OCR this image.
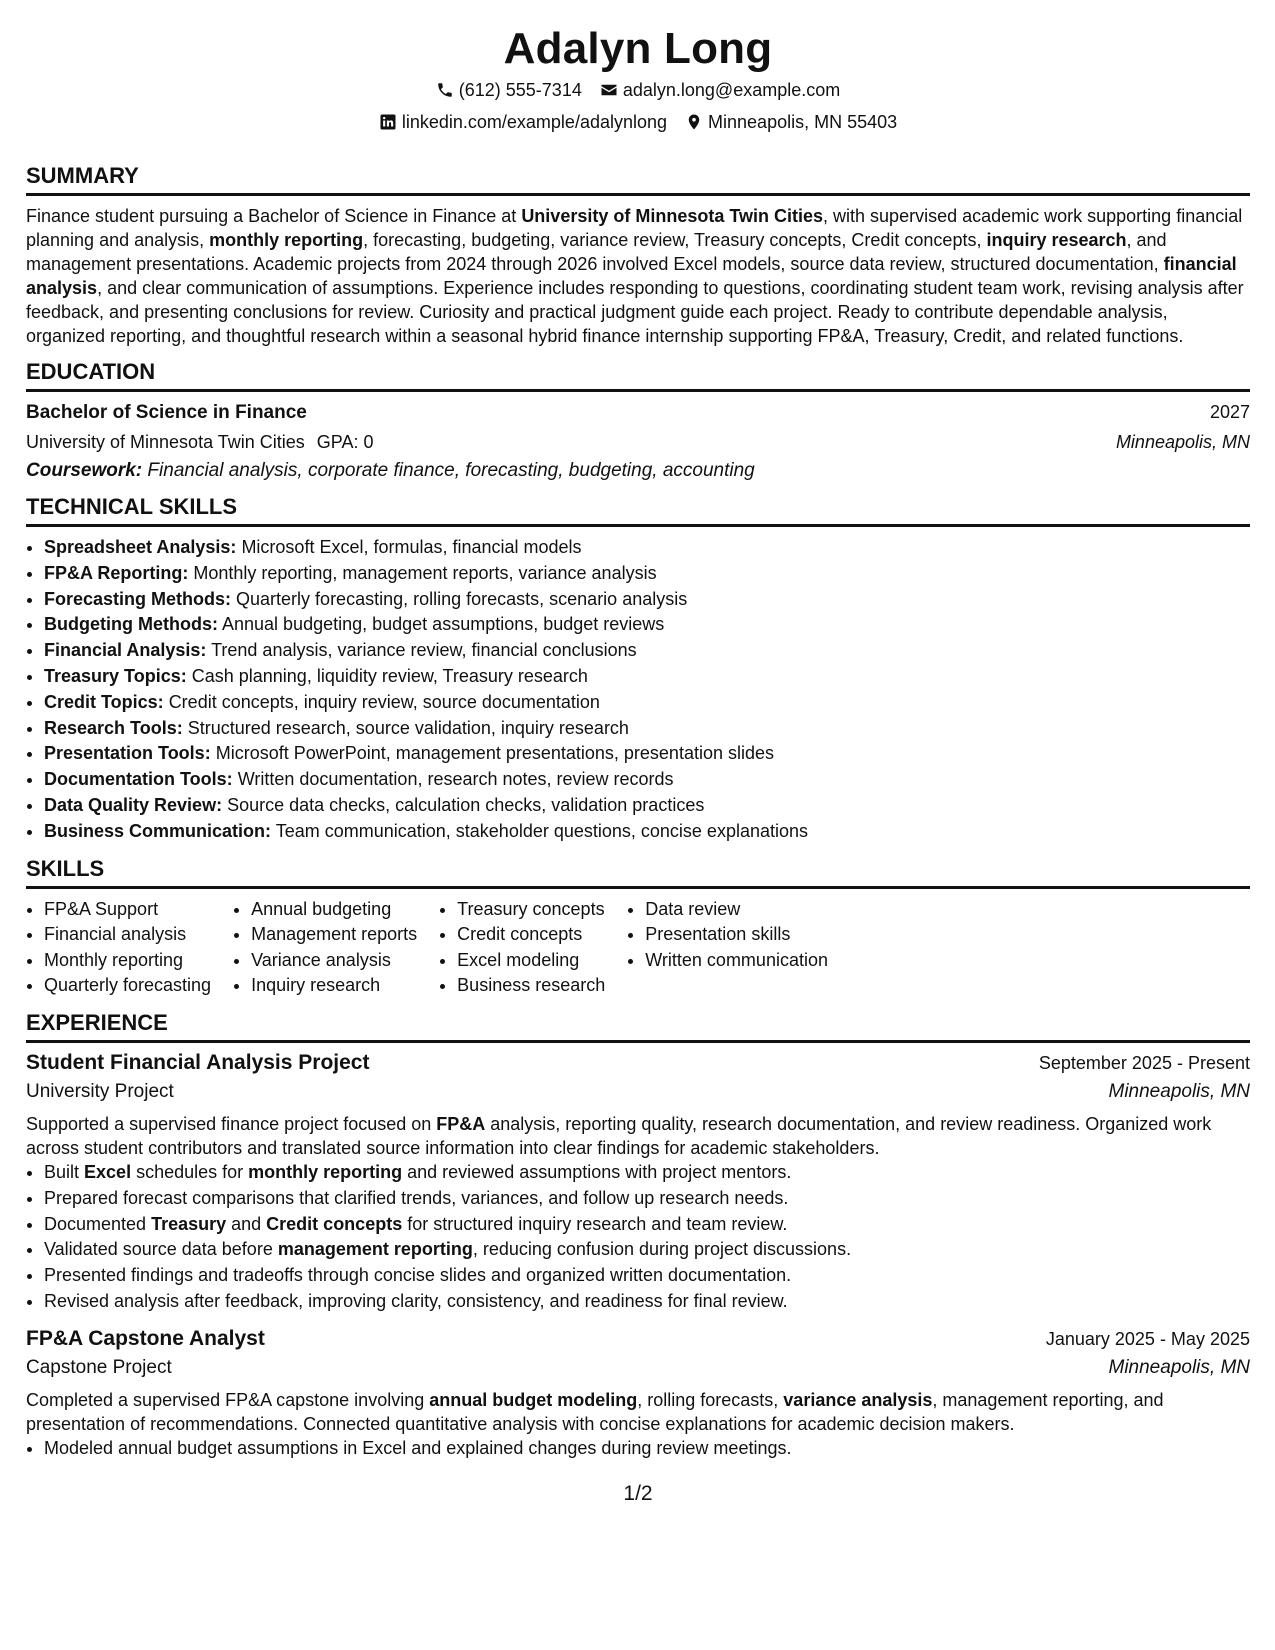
Adalyn Long
(612) 555-7314 adalyn.long@example.com
linkedin.com/example/adalynlong Minneapolis, MN 55403
SUMMARY

Finance student pursuing a Bachelor of Science in Finance at University of Minnesota Twin Cities, with supervised academic work supporting financial planning and analysis, monthly reporting, forecasting, budgeting, variance review, Treasury concepts, Credit concepts, inquiry research, and management presentations. Academic projects from 2024 through 2026 involved Excel models, source data review, structured documentation, financial analysis, and clear communication of assumptions. Experience includes responding to questions, coordinating student team work, revising analysis after feedback, and presenting conclusions for review. Curiosity and practical judgment guide each project. Ready to contribute dependable analysis, organized reporting, and thoughtful research within a seasonal hybrid finance internship supporting FP&A, Treasury, Credit, and related functions.

EDUCATION
Bachelor of Science in Finance	2027
University of Minnesota Twin Cities GPA: 0	Minneapolis, MN
Coursework: Financial analysis, corporate finance, forecasting, budgeting, accounting
TECHNICAL SKILLS
• Spreadsheet Analysis: Microsoft Excel, formulas, financial models
• FP&A Reporting: Monthly reporting, management reports, variance analysis
• Forecasting Methods: Quarterly forecasting, rolling forecasts, scenario analysis
• Budgeting Methods: Annual budgeting, budget assumptions, budget reviews
• Financial Analysis: Trend analysis, variance review, financial conclusions
• Treasury Topics: Cash planning, liquidity review, Treasury research
• Credit Topics: Credit concepts, inquiry review, source documentation
• Research Tools: Structured research, source validation, inquiry research
• Presentation Tools: Microsoft PowerPoint, management presentations, presentation slides
• Documentation Tools: Written documentation, research notes, review records
• Data Quality Review: Source data checks, calculation checks, validation practices
• Business Communication: Team communication, stakeholder questions, concise explanations
SKILLS
• FP&A Support
• Financial analysis
• Monthly reporting
• Quarterly forecasting
• Annual budgeting
• Management reports
• Variance analysis
• Inquiry research
• Treasury concepts
• Credit concepts
• Excel modeling
• Business research
• Data review
• Presentation skills
• Written communication
EXPERIENCE
Student Financial Analysis Project	September 2025 - Present
University Project	Minneapolis, MN
Supported a supervised finance project focused on FP&A analysis, reporting quality, research documentation, and review readiness. Organized work across student contributors and translated source information into clear findings for academic stakeholders.
• Built Excel schedules for monthly reporting and reviewed assumptions with project mentors.
• Prepared forecast comparisons that clarified trends, variances, and follow up research needs.
• Documented Treasury and Credit concepts for structured inquiry research and team review.
• Validated source data before management reporting, reducing confusion during project discussions.
• Presented findings and tradeoffs through concise slides and organized written documentation.
• Revised analysis after feedback, improving clarity, consistency, and readiness for final review.
FP&A Capstone Analyst	January 2025 - May 2025
Capstone Project	Minneapolis, MN
Completed a supervised FP&A capstone involving annual budget modeling, rolling forecasts, variance analysis, management reporting, and presentation of recommendations. Connected quantitative analysis with concise explanations for academic decision makers.
• Modeled annual budget assumptions in Excel and explained changes during review meetings.
1/2
